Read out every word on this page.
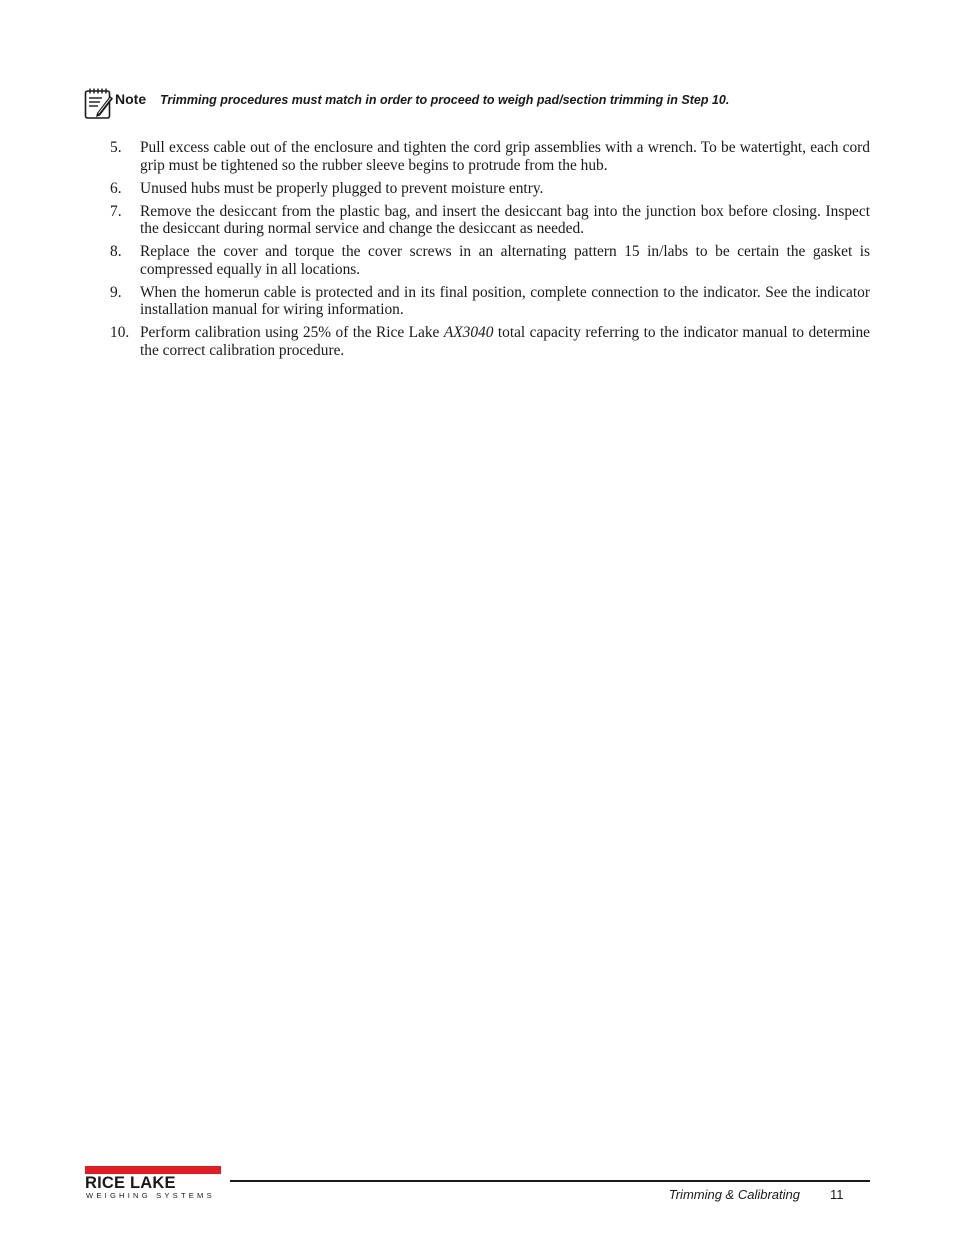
Note Trimming procedures must match in order to proceed to weigh pad/section trimming in Step 10.
5. Pull excess cable out of the enclosure and tighten the cord grip assemblies with a wrench. To be watertight, each cord grip must be tightened so the rubber sleeve begins to protrude from the hub.
6. Unused hubs must be properly plugged to prevent moisture entry.
7. Remove the desiccant from the plastic bag, and insert the desiccant bag into the junction box before closing. Inspect the desiccant during normal service and change the desiccant as needed.
8. Replace the cover and torque the cover screws in an alternating pattern 15 in/labs to be certain the gasket is compressed equally in all locations.
9. When the homerun cable is protected and in its final position, complete connection to the indicator. See the indicator installation manual for wiring information.
10. Perform calibration using 25% of the Rice Lake AX3040 total capacity referring to the indicator manual to determine the correct calibration procedure.
RICE LAKE
WEIGHING SYSTEMS	Trimming & Calibrating 11
